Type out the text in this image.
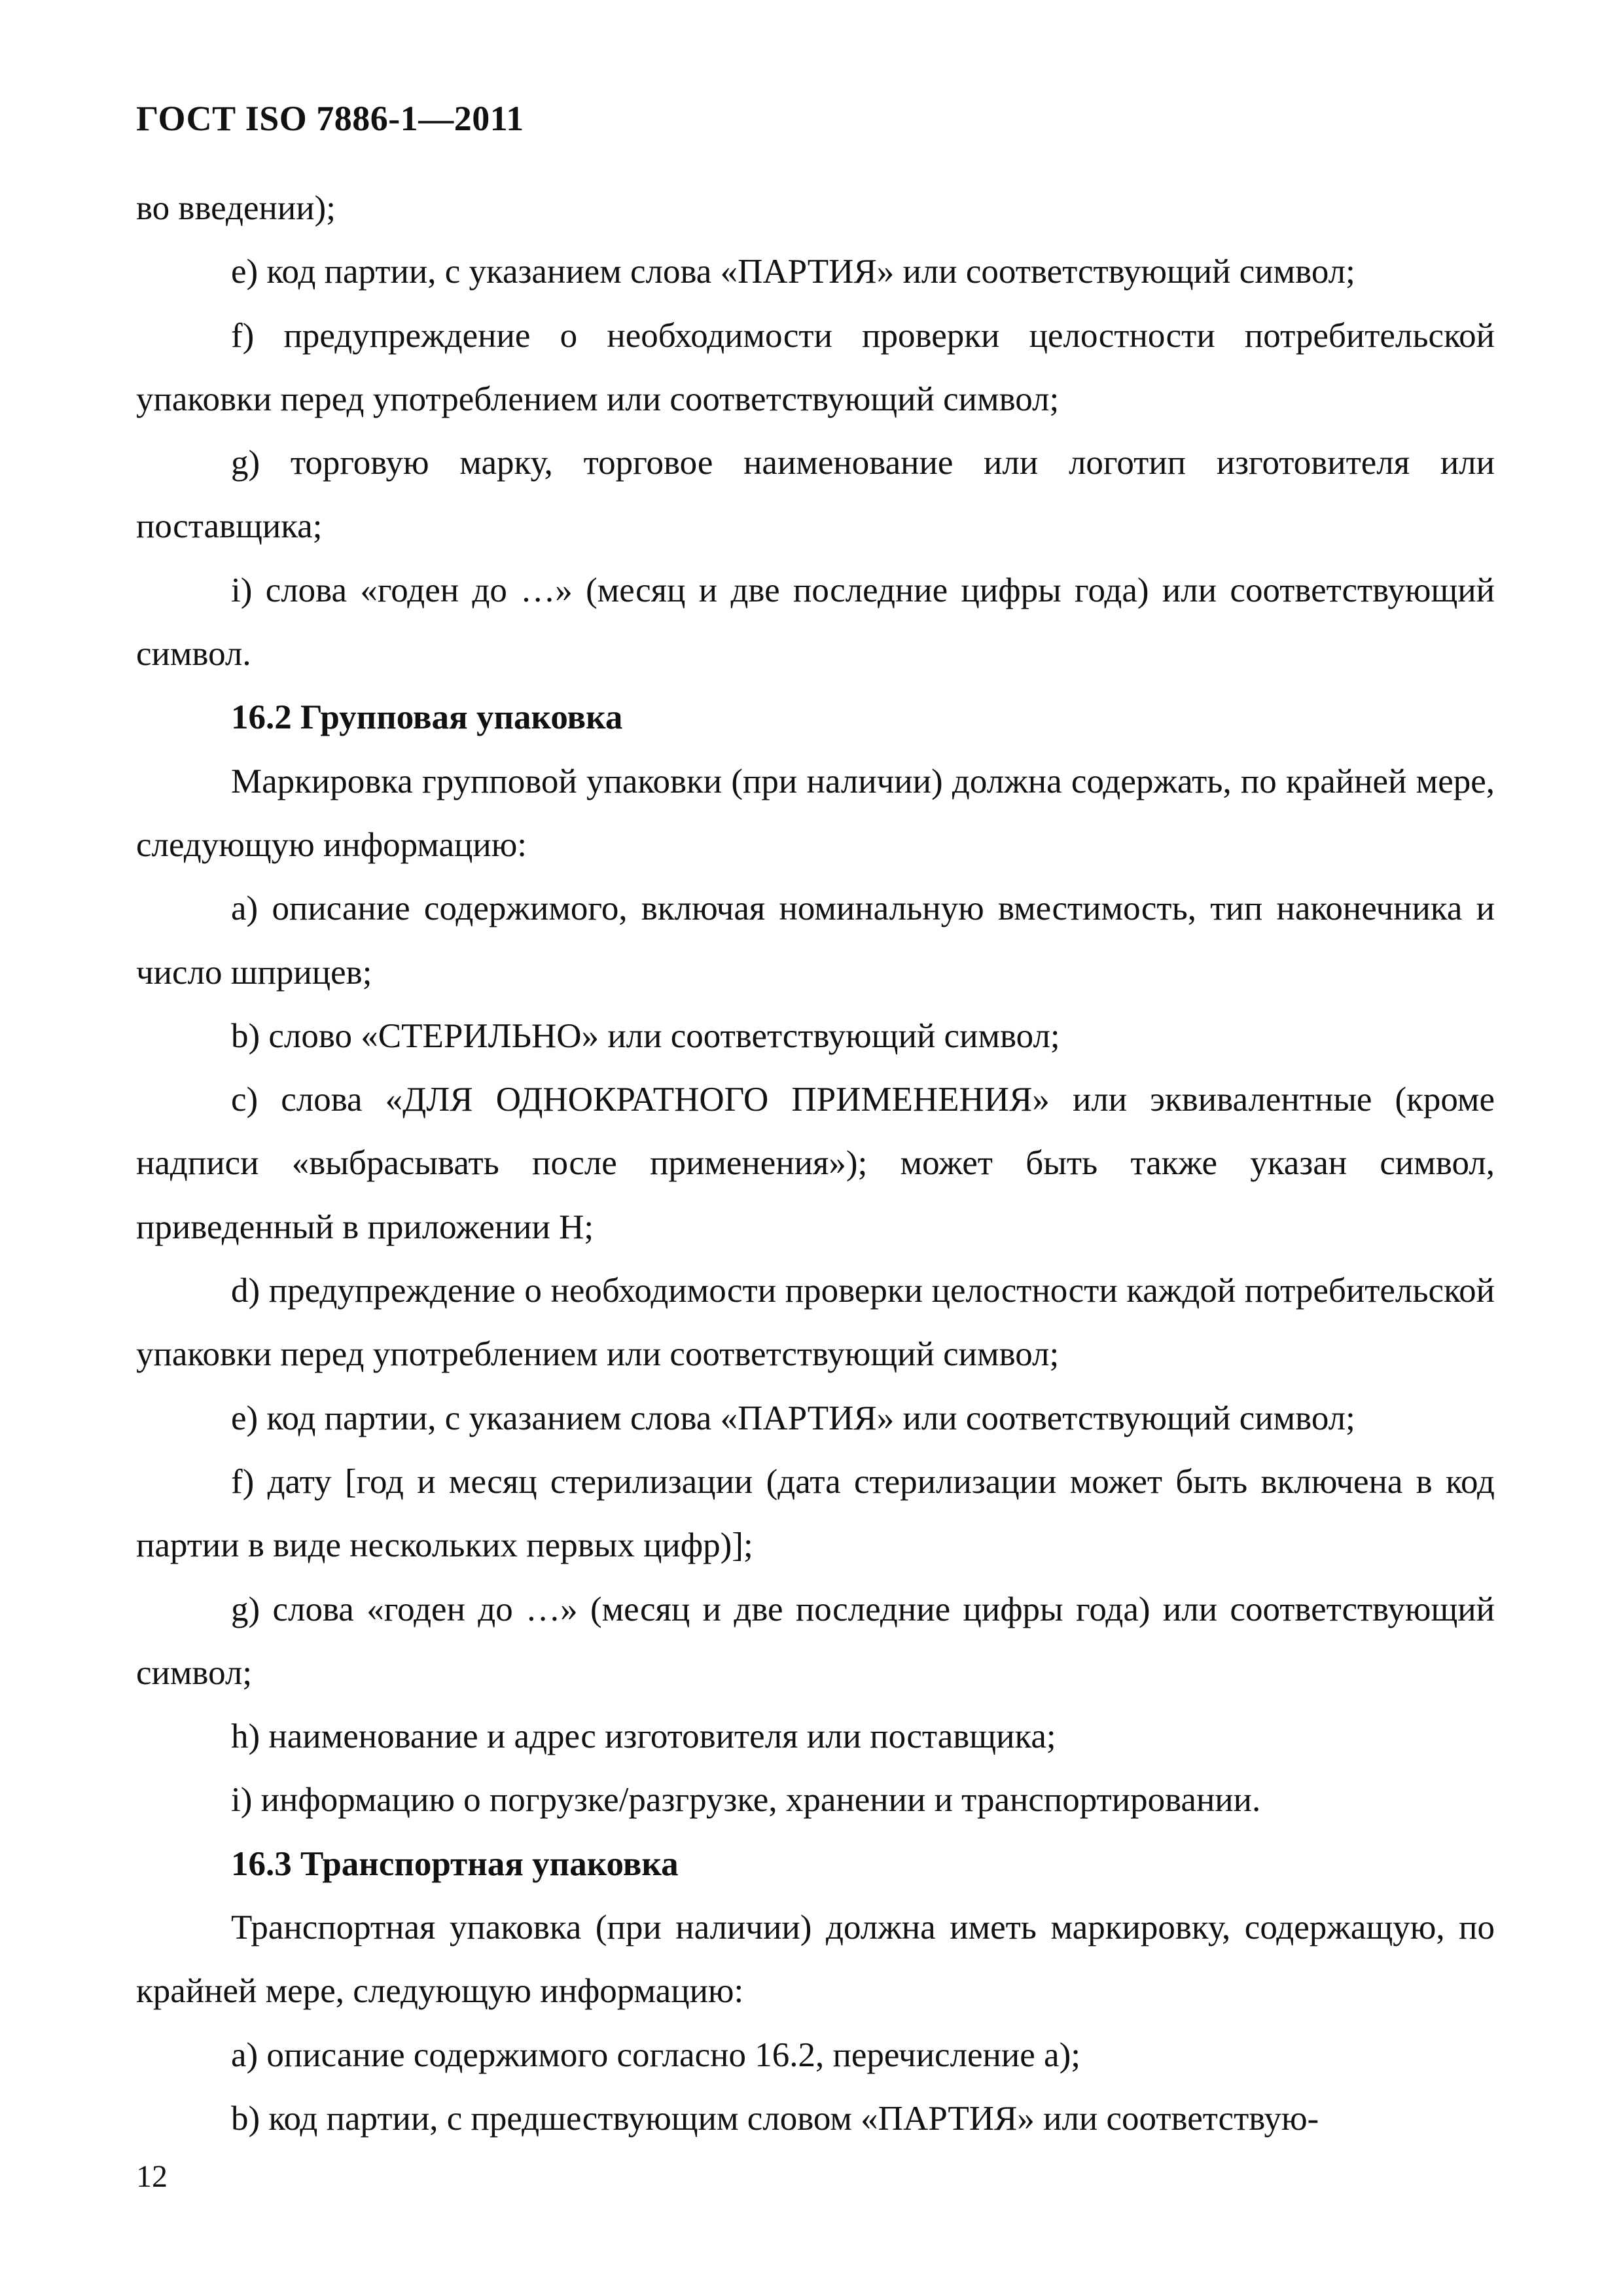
ГОСТ ISO 7886-1—2011

во введении);

е) код партии, с указанием слова «ПАРТИЯ» или соответствующий символ;

f) предупреждение о необходимости проверки целостности потребительской упаковки перед употреблением или соответствующий символ;

g) торговую марку, торговое наименование или логотип изготовителя или поставщика;

i) слова «годен до …» (месяц и две последние цифры года) или соответствующий символ.

16.2 Групповая упаковка

Маркировка групповой упаковки (при наличии) должна содержать, по крайней мере, следующую информацию:

a) описание содержимого, включая номинальную вместимость, тип наконечника и число шприцев;

b) слово «СТЕРИЛЬНО» или соответствующий символ;

c) слова «ДЛЯ ОДНОКРАТНОГО ПРИМЕНЕНИЯ» или эквивалентные (кроме надписи «выбрасывать после применения»); может быть также указан символ, приведенный в приложении Н;

d) предупреждение о необходимости проверки целостности каждой потребительской упаковки перед употреблением или соответствующий символ;

е) код партии, с указанием слова «ПАРТИЯ» или соответствующий символ;

f) дату [год и месяц стерилизации (дата стерилизации может быть включена в код партии в виде нескольких первых цифр)];

g) слова «годен до …» (месяц и две последние цифры года) или соответствующий символ;

h) наименование и адрес изготовителя или поставщика;

i) информацию о погрузке/разгрузке, хранении и транспортировании.

16.3 Транспортная упаковка

Транспортная упаковка (при наличии) должна иметь маркировку, содержащую, по крайней мере, следующую информацию:

a) описание содержимого согласно 16.2, перечисление а);

b) код партии, с предшествующим словом «ПАРТИЯ» или соответствую-

12
